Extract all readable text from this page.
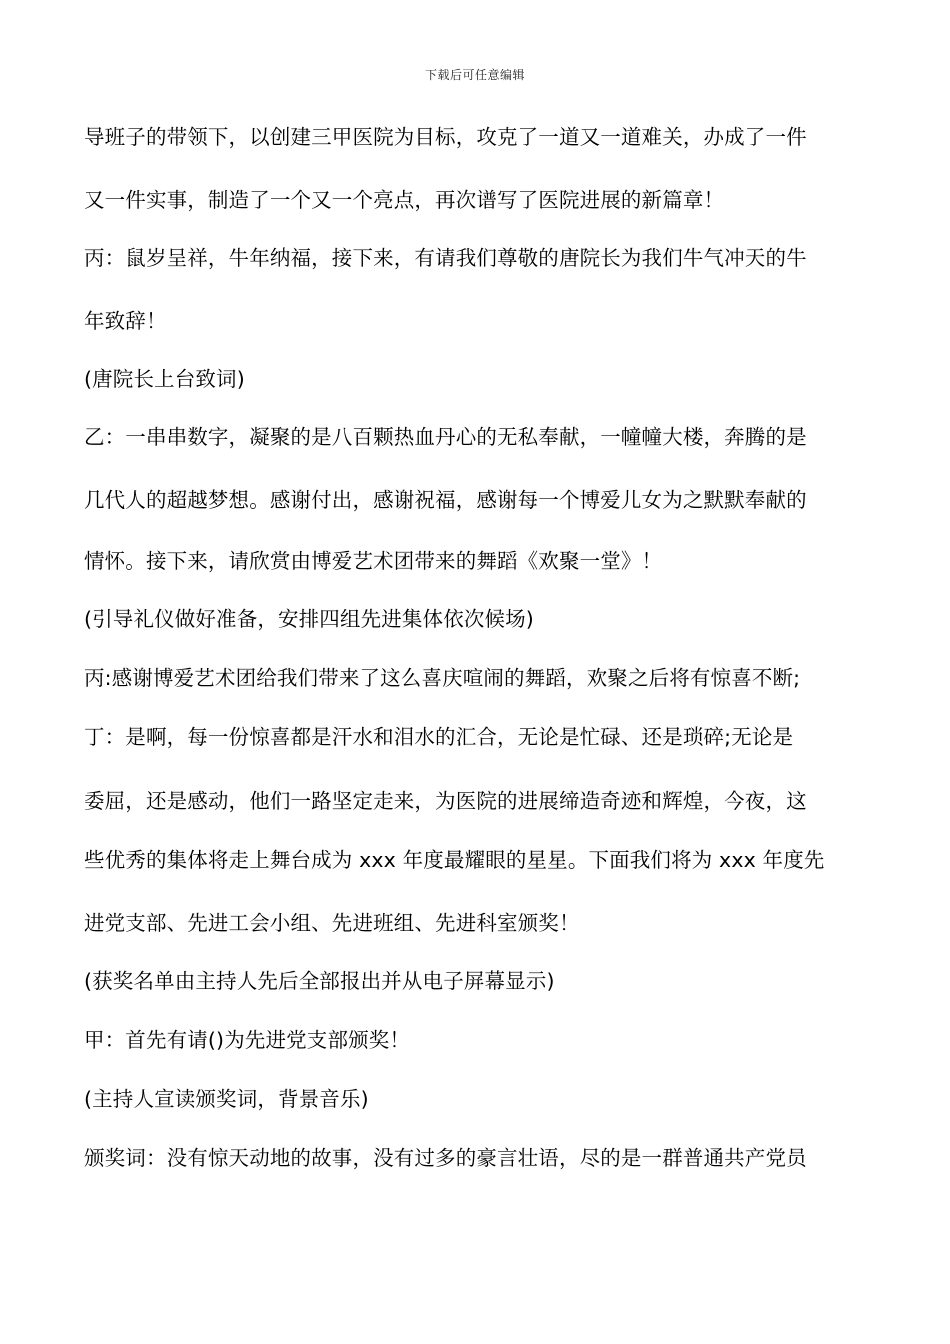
下载后可任意编辑
导班子的带领下，以创建三甲医院为目标，攻克了一道又一道难关，办成了一件
又一件实事，制造了一个又一个亮点，再次谱写了医院进展的新篇章！
丙：鼠岁呈祥，牛年纳福，接下来，有请我们尊敬的唐院长为我们牛气冲天的牛
年致辞！
(唐院长上台致词)
乙：一串串数字，凝聚的是八百颗热血丹心的无私奉献，一幢幢大楼，奔腾的是
几代人的超越梦想。感谢付出，感谢祝福，感谢每一个博爱儿女为之默默奉献的
情怀。接下来，请欣赏由博爱艺术团带来的舞蹈《欢聚一堂》！
(引导礼仪做好准备，安排四组先进集体依次候场)
丙:感谢博爱艺术团给我们带来了这么喜庆喧闹的舞蹈，欢聚之后将有惊喜不断;
丁：是啊，每一份惊喜都是汗水和泪水的汇合，无论是忙碌、还是琐碎;无论是
委屈，还是感动，他们一路坚定走来，为医院的进展缔造奇迹和辉煌，今夜，这
些优秀的集体将走上舞台成为 xxx 年度最耀眼的星星。下面我们将为 xxx 年度先
进党支部、先进工会小组、先进班组、先进科室颁奖！
(获奖名单由主持人先后全部报出并从电子屏幕显示)
甲：首先有请()为先进党支部颁奖！
(主持人宣读颁奖词，背景音乐)
颁奖词：没有惊天动地的故事，没有过多的豪言壮语，尽的是一群普通共产党员
